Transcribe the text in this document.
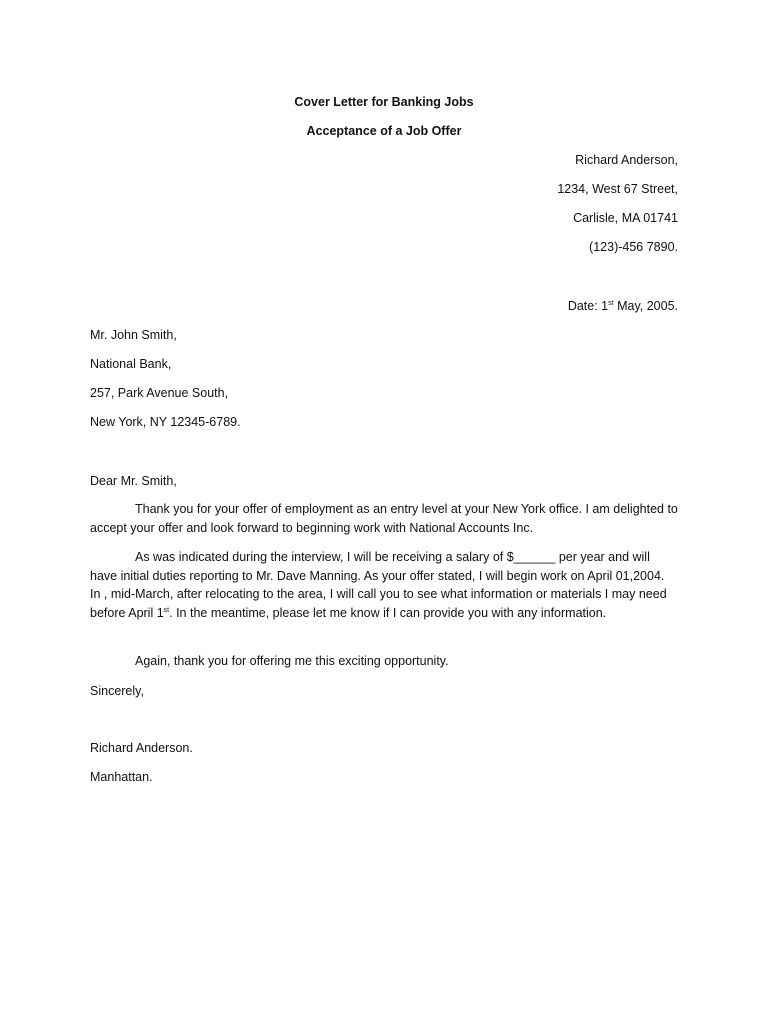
Cover Letter for Banking Jobs
Acceptance of a Job Offer
Richard Anderson,
1234, West 67 Street,
Carlisle, MA 01741
(123)-456 7890.
Date: 1st May, 2005.
Mr. John Smith,
National Bank,
257, Park Avenue South,
New York, NY 12345-6789.
Dear Mr. Smith,

Thank you for your offer of employment as an entry level at your New York office. I am delighted to accept your offer and look forward to beginning work with National Accounts Inc.

As was indicated during the interview, I will be receiving a salary of $______ per year and will have initial duties reporting to Mr. Dave Manning. As your offer stated, I will begin work on April 01,2004. In , mid-March, after relocating to the area, I will call you to see what information or materials I may need before April 1st. In the meantime, please let me know if I can provide you with any information.

Again, thank you for offering me this exciting opportunity.

Sincerely,
Richard Anderson.
Manhattan.
